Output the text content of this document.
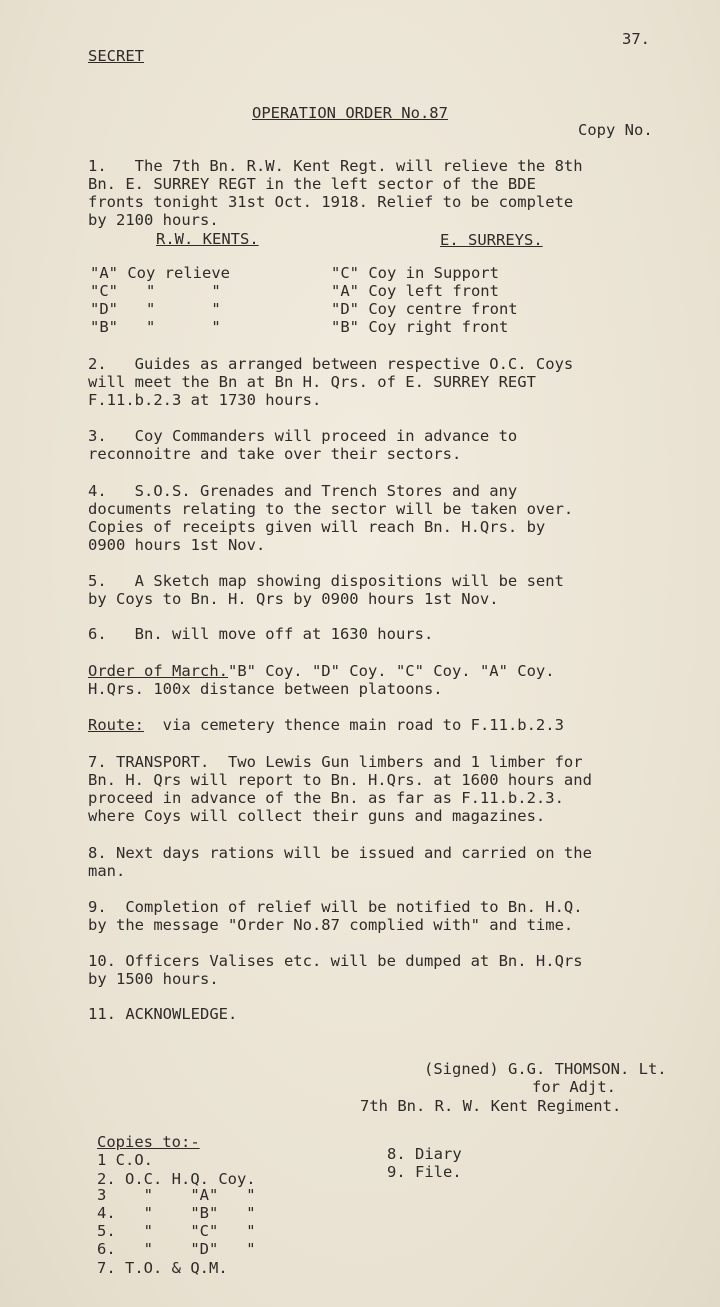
37.
SECRET
OPERATION ORDER No.87
Copy No.
1.   The 7th Bn. R.W. Kent Regt. will relieve the 8th
Bn. E. SURREY REGT in the left sector of the BDE
fronts tonight 31st Oct. 1918. Relief to be complete
by 2100 hours.
R.W. KENTS.	E. SURREYS.
"A" Coy relieve	"C" Coy in Support
"C"   "      "	"A" Coy left front
"D"   "      "	"D" Coy centre front
"B"   "      "	"B" Coy right front
2.   Guides as arranged between respective O.C. Coys
will meet the Bn at Bn H. Qrs. of E. SURREY REGT
F.11.b.2.3 at 1730 hours.
3.   Coy Commanders will proceed in advance to
reconnoitre and take over their sectors.
4.   S.O.S. Grenades and Trench Stores and any
documents relating to the sector will be taken over.
Copies of receipts given will reach Bn. H.Qrs. by
0900 hours 1st Nov.
5.   A Sketch map showing dispositions will be sent
by Coys to Bn. H. Qrs by 0900 hours 1st Nov.
6.   Bn. will move off at 1630 hours.
Order of March."B" Coy. "D" Coy. "C" Coy. "A" Coy.
H.Qrs. 100x distance between platoons.
Route:  via cemetery thence main road to F.11.b.2.3
7. TRANSPORT.  Two Lewis Gun limbers and 1 limber for
Bn. H. Qrs will report to Bn. H.Qrs. at 1600 hours and
proceed in advance of the Bn. as far as F.11.b.2.3.
where Coys will collect their guns and magazines.
8. Next days rations will be issued and carried on the
man.
9.  Completion of relief will be notified to Bn. H.Q.
by the message "Order No.87 complied with" and time.
10. Officers Valises etc. will be dumped at Bn. H.Qrs
by 1500 hours.
11. ACKNOWLEDGE.
(Signed) G.G. THOMSON. Lt.
for Adjt.
7th Bn. R. W. Kent Regiment.
Copies to:-
1 C.O.
2. O.C. H.Q. Coy.
3    "    "A"   "
4.   "    "B"   "
5.   "    "C"   "
6.   "    "D"   "
7. T.O. & Q.M.
8. Diary
9. File.
